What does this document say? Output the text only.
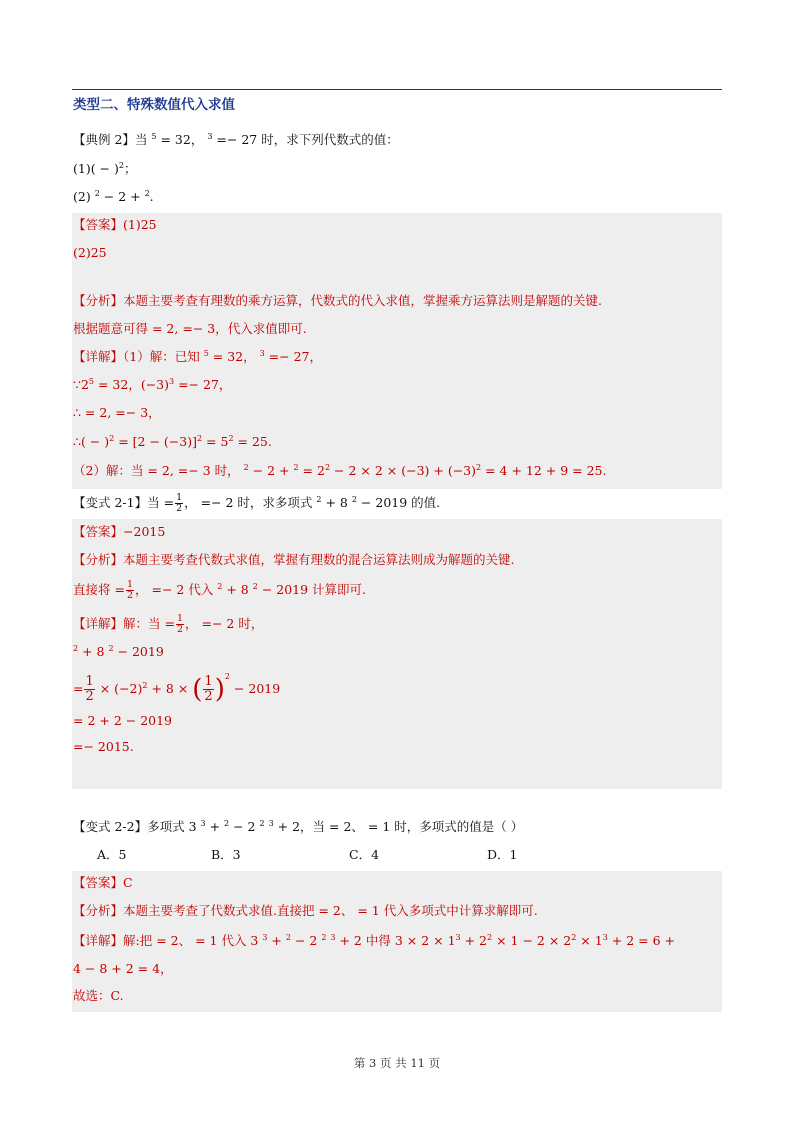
类型二、特殊数值代入求值
【典例 2】当 $^5$ = 32， $^3$ =− 27 时，求下列代数式的值：
$(1)( - )^2$；
(2) $^2$ − 2 + $^2$.
【答案】(1)25
(2)25
【分析】本题主要考查有理数的乘方运算，代数式的代入求值，掌握乘方运算法则是解题的关键.
根据题意可得 = 2, =− 3，代入求值即可.
【详解】（1）解：已知 $^5$ = 32， $^3$ =− 27，
$\because 2^5 = 32$，$(-3)^3 =- 27$，
∴ = 2, =− 3，
∴( − )$^2 = [2 - (-3)]^2 = 5^2 = 25$.
（2）解：当 = 2, =− 3 时， $^2 - 2 + ^2 = 2^2 - 2 \times 2 \times (-3) + (-3)^2 = 4 + 12 + 9 = 25$.
【变式 2-1】当 = $\frac{1}{2}$ ， =− 2 时，求多项式 $^2$ + 8 $^2$ − 2019 的值.
【答案】−2015
【分析】本题主要考查代数式求值，掌握有理数的混合运算法则成为解题的关键.
直接将 = $\frac{1}{2}$ ， =− 2 代入 $^2$ + 8 $^2$ − 2019 计算即可.
【详解】解：当 = $\frac{1}{2}$ ， =− 2 时，
$^2$ + 8 $^2$ − 2019
= $\frac{1}{2} \times (-2)^2 + 8$ × ( $\frac{1}{2} )^2 - 2019$
= 2 + 2 − 2019
=− 2015.
【变式 2-2】多项式 3 $^3$ + $^2$ − 2 $^2$ $^3$ + 2，当 = 2、 = 1 时，多项式的值是（ ）
A．5	B．3	C．4	D．1
【答案】C
【分析】本题主要考查了代数式求值.直接把 = 2、 = 1 代入多项式中计算求解即可.
【详解】解:把 = 2、 = 1 代入 3 $^3$ + $^2$ − 2 $^2$ $^3$ + 2 中得 $3 \times 2 \times 1^3 + 2^2 \times 1 - 2 \times 2^2 \times 1^3 + 2 = 6$ +
4 − 8 + 2 = 4，
故选：C.
第 3 页 共 11 页
